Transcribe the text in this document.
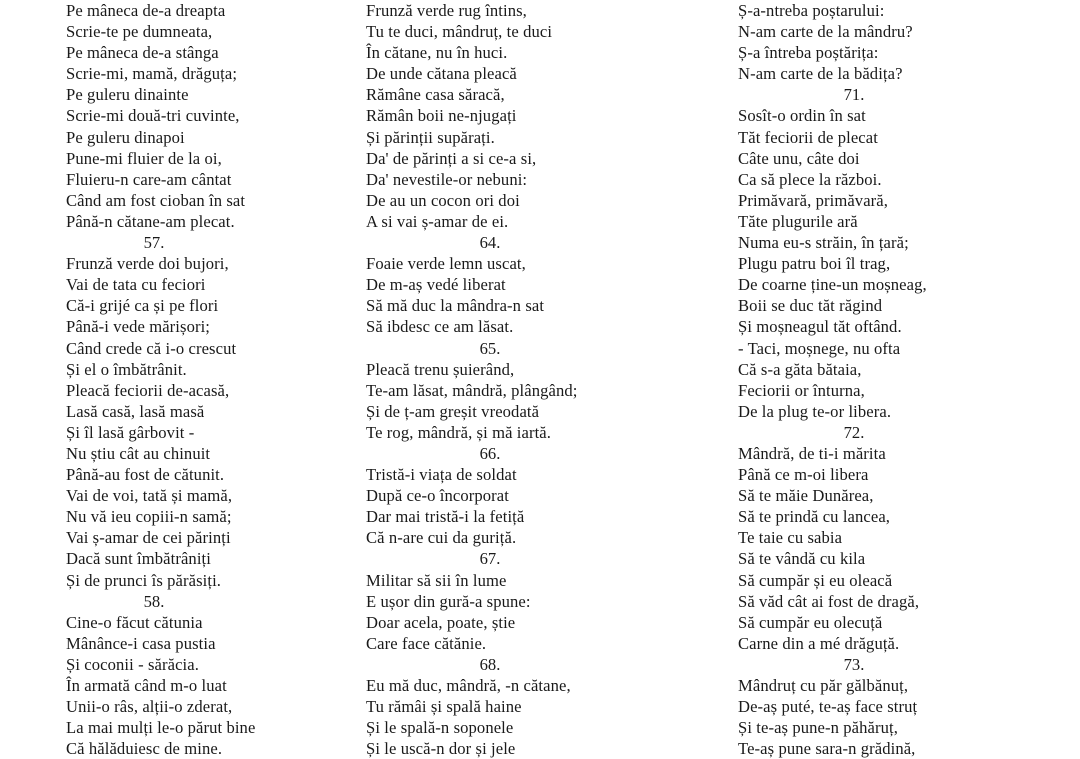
Pe mâneca de-a dreapta
Scrie-te pe dumneata,
Pe mâneca de-a stânga
Scrie-mi, mamă, drăguța;
Pe guleru dinainte
Scrie-mi două-tri cuvinte,
Pe guleru dinapoi
Pune-mi fluier de la oi,
Fluieru-n care-am cântat
Când am fost cioban în sat
Până-n cătane-am plecat.
57.
Frunză verde doi bujori,
Vai de tata cu feciori
Că-i grijé ca și pe flori
Până-i vede mărișori;
Când crede că i-o crescut
Și el o îmbătrânit.
Pleacă feciorii de-acasă,
Lasă casă, lasă masă
Și îl lasă gârbovit -
Nu știu cât au chinuit
Până-au fost de cătunit.
Vai de voi, tată și mamă,
Nu vă ieu copiii-n samă;
Vai ș-amar de cei părinți
Dacă sunt îmbătrâniți
Și de prunci îs părăsiți.
58.
Cine-o făcut cătunia
Mânânce-i casa pustia
Și coconii - sărăcia.
În armată când m-o luat
Unii-o râs, alții-o zderat,
La mai mulți le-o părut bine
Că hălăduiesc de mine.
Frunză verde rug întins,
Tu te duci, mândruț, te duci
În cătane, nu în huci.
De unde cătana pleacă
Rămâne casa săracă,
Rămân boii ne-njugați
Și părinții supărați.
Da' de părinți a si ce-a si,
Da' nevestile-or nebuni:
De au un cocon ori doi
A si vai ș-amar de ei.
64.
Foaie verde lemn uscat,
De m-aș vedé liberat
Să mă duc la mândra-n sat
Să ibdesc ce am lăsat.
65.
Pleacă trenu șuierând,
Te-am lăsat, mândră, plângând;
Și de ț-am greșit vreodată
Te rog, mândră, și mă iartă.
66.
Tristă-i viața de soldat
După ce-o încorporat
Dar mai tristă-i la fetiță
Că n-are cui da guriță.
67.
Militar să sii în lume
E ușor din gură-a spune:
Doar acela, poate, știe
Care face cătănie.
68.
Eu mă duc, mândră, -n cătane,
Tu rămâi și spală haine
Și le spală-n soponele
Și le uscă-n dor și jele
Ș-a-ntreba poștarului:
N-am carte de la mândru?
Ș-a întreba poștărița:
N-am carte de la bădița?
71.
Sosît-o ordin în sat
Tăt feciorii de plecat
Câte unu, câte doi
Ca să plece la război.
Primăvară, primăvară,
Tăte plugurile ară
Numa eu-s străin, în țară;
Plugu patru boi îl trag,
De coarne ține-un moșneag,
Boii se duc tăt răgind
Și moșneagul tăt oftând.
- Taci, moșnege, nu ofta
Că s-a găta bătaia,
Feciorii or înturna,
De la plug te-or libera.
72.
Mândră, de ti-i mărita
Până ce m-oi libera
Să te măie Dunărea,
Să te prindă cu lancea,
Te taie cu sabia
Să te vândă cu kila
Să cumpăr și eu oleacă
Să văd cât ai fost de dragă,
Să cumpăr eu olecuță
Carne din a mé drăguță.
73.
Mândruț cu păr gălbănuț,
De-aș puté, te-aș face struț
Și te-aș pune-n păhăruț,
Te-aș pune sara-n grădină,
